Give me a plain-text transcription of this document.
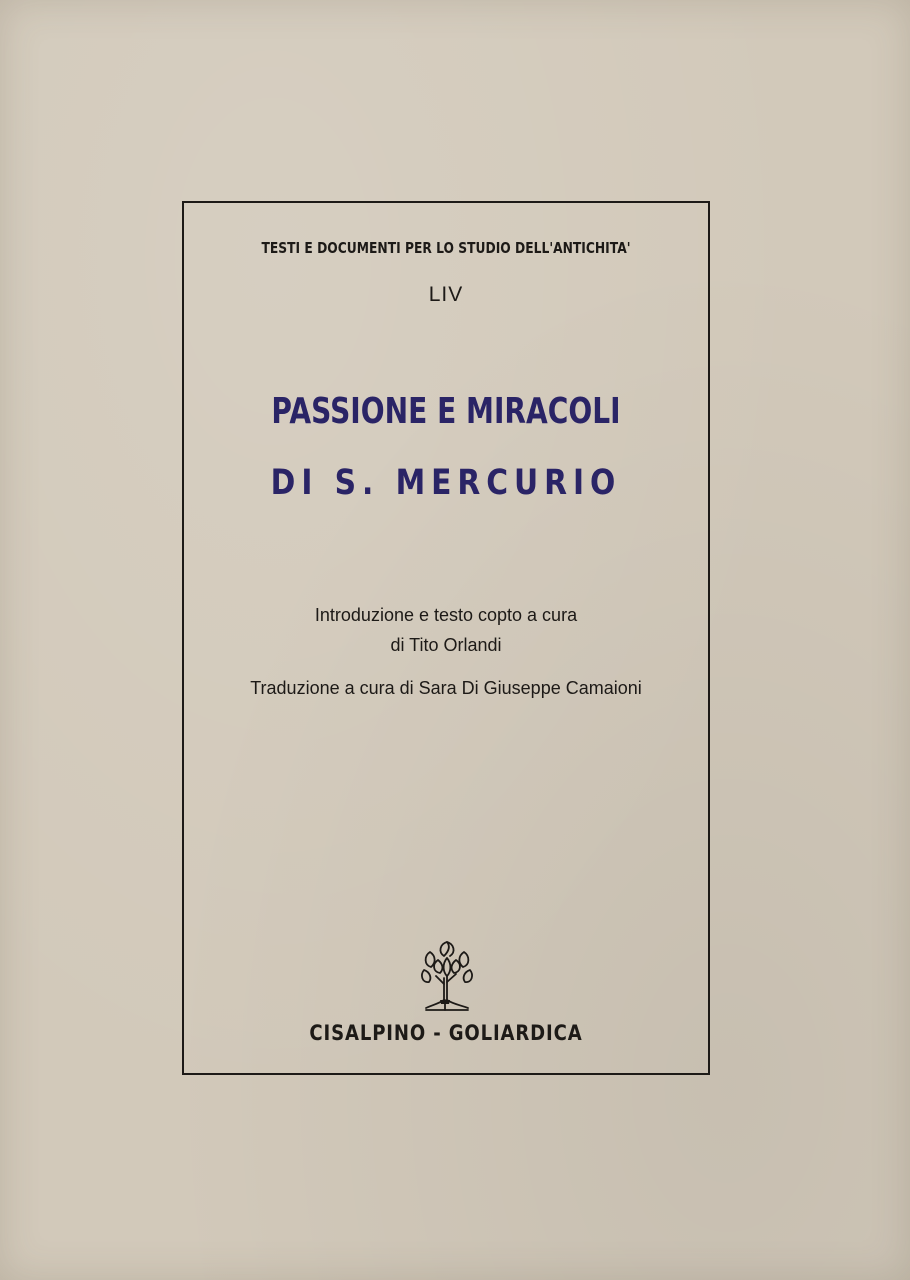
TESTI E DOCUMENTI PER LO STUDIO DELL'ANTICHITA'
LIV
PASSIONE E MIRACOLI
DI S. MERCURIO
Introduzione e testo copto a cura
di Tito Orlandi
Traduzione a cura di Sara Di Giuseppe Camaioni
CISALPINO - GOLIARDICA
